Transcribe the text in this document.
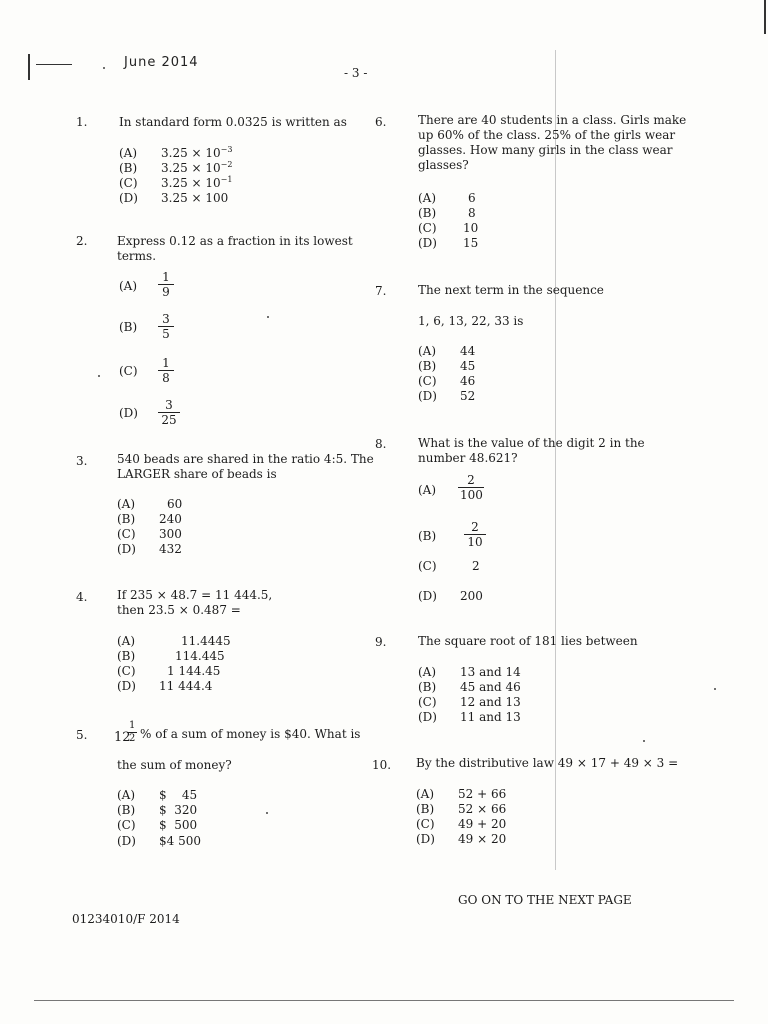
June 2014
- 3 -
1.	In standard form 0.0325 is written as
(A) $3.25 \times 10^{-3}$
(B) $3.25 \times 10^{-2}$
(C) $3.25 \times 10^{-1}$
(D) 3.25 × 100
2. Express 0.12 as a fraction in its lowest
terms.
$(A) \frac{1}{9}$
$(B) \frac{3}{5}$
$(C) \frac{1}{8}$
$(D) \frac{3}{25}$
3. 540 beads are shared in the ratio 4:5. The
LARGER share of beads is
(A)	60
(B) 240
(C) 300
(D) 432
4. If 235 × 48.7 = 11 444.5,
then 23.5 × 0.487 =
(A)	11.4445
(B)	114.445
(C)	1 144.45
(D) 11 444.4
5. 12
$\frac{1}{2}$ % of a sum of money is $40. What is
the sum of money?
(A) $    45
(B) $  320
(C) $  500
(D) $4 500
6.	There are 40 students in a class. Girls make
up 60% of the class. 25% of the girls wear
glasses. How many girls in the class wear
glasses?
(A)	6
(B)	8
(C) 10
(D) 15
7.	The next term in the sequence
1, 6, 13, 22, 33 is
(A) 44
(B) 45
(C) 46
(D) 52
8.	What is the value of the digit 2 in the
number 48.621?
$(A) \frac{2}{100}$
$(B) \frac{2}{10}$
(C)	2
(D) 200
9.	The square root of 181 lies between
(A) 13 and 14
(B) 45 and 46
(C) 12 and 13
(D) 11 and 13
10. By the distributive law 49 × 17 + 49 × 3 =
(A) 52 + 66
(B) 52 × 66
(C) 49 + 20
(D) 49 × 20
GO ON TO THE NEXT PAGE
01234010/F 2014
